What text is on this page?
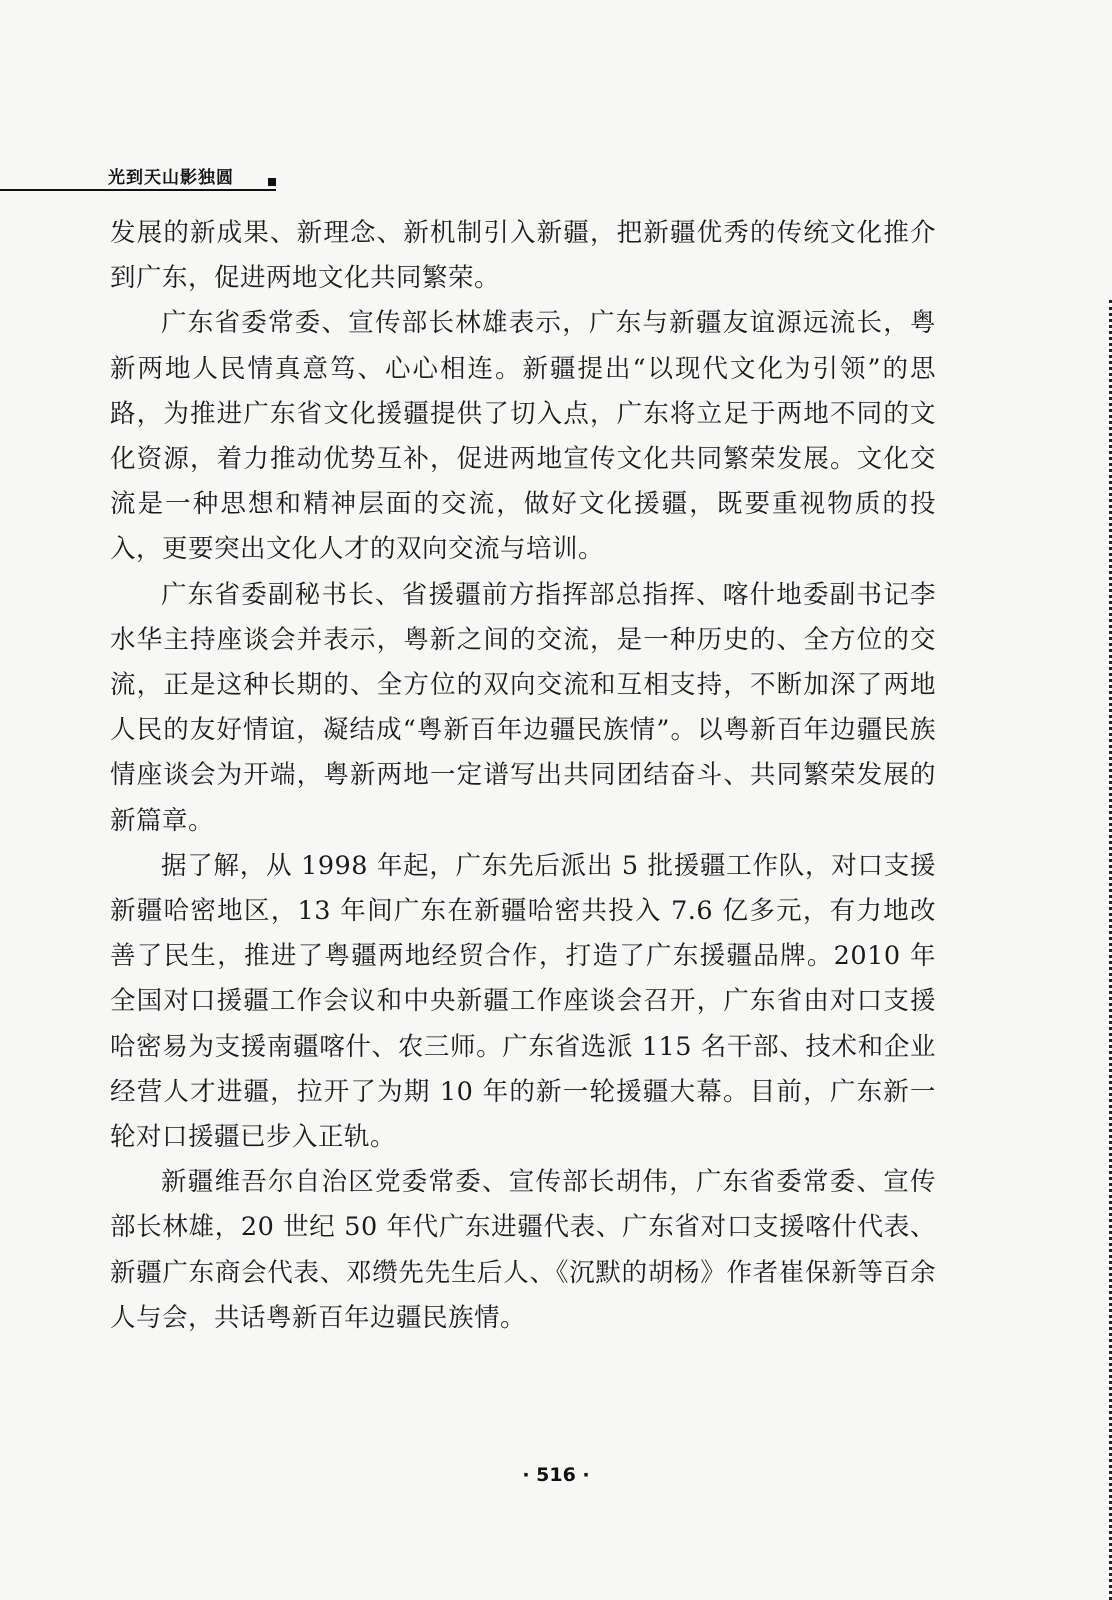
光到天山影独圆

发展的新成果、新理念、新机制引入新疆，把新疆优秀的传统文化推介到广东，促进两地文化共同繁荣。

广东省委常委、宣传部长林雄表示，广东与新疆友谊源远流长，粤新两地人民情真意笃、心心相连。新疆提出“以现代文化为引领”的思路，为推进广东省文化援疆提供了切入点，广东将立足于两地不同的文化资源，着力推动优势互补，促进两地宣传文化共同繁荣发展。文化交流是一种思想和精神层面的交流，做好文化援疆，既要重视物质的投入，更要突出文化人才的双向交流与培训。

广东省委副秘书长、省援疆前方指挥部总指挥、喀什地委副书记李水华主持座谈会并表示，粤新之间的交流，是一种历史的、全方位的交流，正是这种长期的、全方位的双向交流和互相支持，不断加深了两地人民的友好情谊，凝结成“粤新百年边疆民族情”。以粤新百年边疆民族情座谈会为开端，粤新两地一定谱写出共同团结奋斗、共同繁荣发展的新篇章。

据了解，从 1998 年起，广东先后派出 5 批援疆工作队，对口支援新疆哈密地区，13 年间广东在新疆哈密共投入 7.6 亿多元，有力地改善了民生，推进了粤疆两地经贸合作，打造了广东援疆品牌。2010 年全国对口援疆工作会议和中央新疆工作座谈会召开，广东省由对口支援哈密易为支援南疆喀什、农三师。广东省选派 115 名干部、技术和企业经营人才进疆，拉开了为期 10 年的新一轮援疆大幕。目前，广东新一轮对口援疆已步入正轨。

新疆维吾尔自治区党委常委、宣传部长胡伟，广东省委常委、宣传部长林雄，20 世纪 50 年代广东进疆代表、广东省对口支援喀什代表、新疆广东商会代表、邓缵先先生后人、《沉默的胡杨》作者崔保新等百余人与会，共话粤新百年边疆民族情。

· 516 ·
